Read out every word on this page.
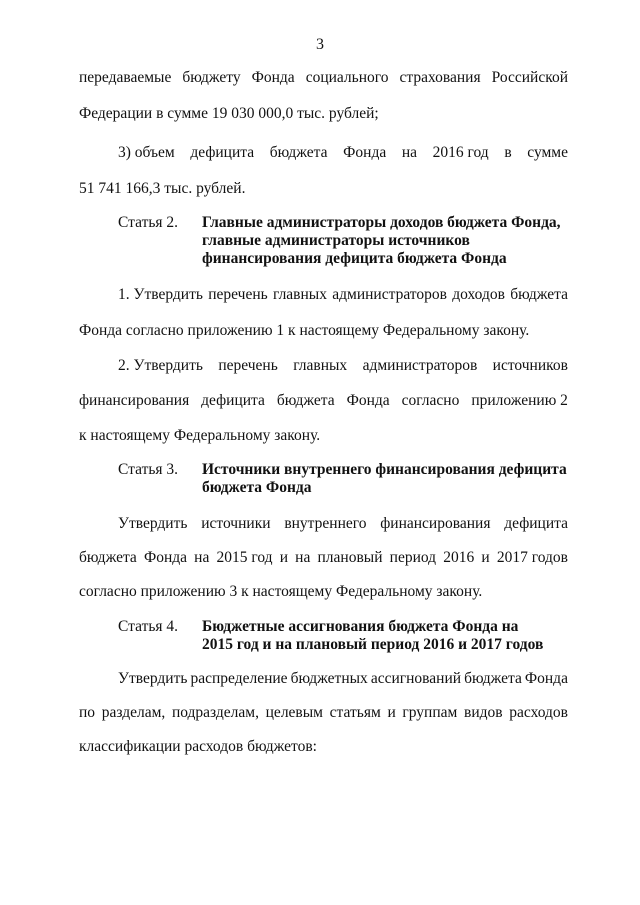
3
передаваемые бюджету Фонда социального страхования Российской
Федерации в сумме 19 030 000,0 тыс. рублей;
3) объем дефицита бюджета Фонда на 2016 год в сумме
51 741 166,3 тыс. рублей.
Статья 2. Главные администраторы доходов бюджета Фонда,
главные администраторы источников
финансирования дефицита бюджета Фонда
1. Утвердить перечень главных администраторов доходов бюджета
Фонда согласно приложению 1 к настоящему Федеральному закону.
2. Утвердить перечень главных администраторов источников
финансирования дефицита бюджета Фонда согласно приложению 2
к настоящему Федеральному закону.
Статья 3. Источники внутреннего финансирования дефицита
бюджета Фонда
Утвердить источники внутреннего финансирования дефицита
бюджета Фонда на 2015 год и на плановый период 2016 и 2017 годов
согласно приложению 3 к настоящему Федеральному закону.
Статья 4. Бюджетные ассигнования бюджета Фонда на
2015 год и на плановый период 2016 и 2017 годов
Утвердить распределение бюджетных ассигнований бюджета Фонда
по разделам, подразделам, целевым статьям и группам видов расходов
классификации расходов бюджетов:
